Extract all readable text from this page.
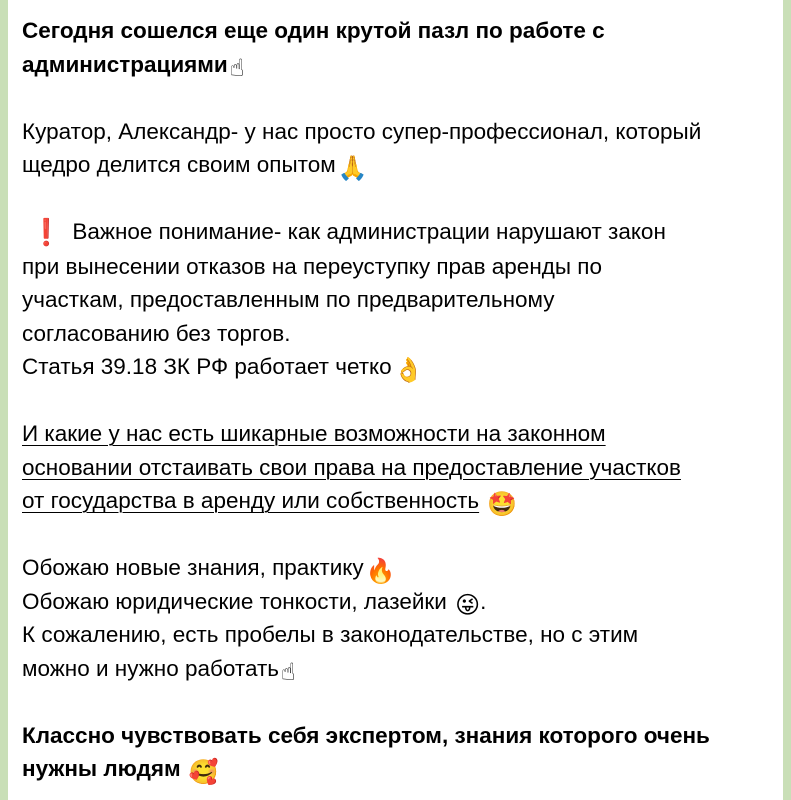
Сегодня сошелся еще один крутой пазл по работе с
администрациями☝
Куратор, Александр- у нас просто супер-профессионал, который
щедро делится своим опытом🙏
❗ Важное понимание- как администрации нарушают закон
при вынесении отказов на переуступку прав аренды по
участкам, предоставленным по предварительному
согласованию без торгов.
Статья 39.18 ЗК РФ работает четко👌
И какие у нас есть шикарные возможности на законном
основании отстаивать свои права на предоставление участков
от государства в аренду или собственность 🤩
Обожаю новые знания, практику🔥
Обожаю юридические тонкости, лазейки 😜.
К сожалению, есть пробелы в законодательстве, но с этим
можно и нужно работать☝
Классно чувствовать себя экспертом, знания которого очень
нужны людям 🥰
